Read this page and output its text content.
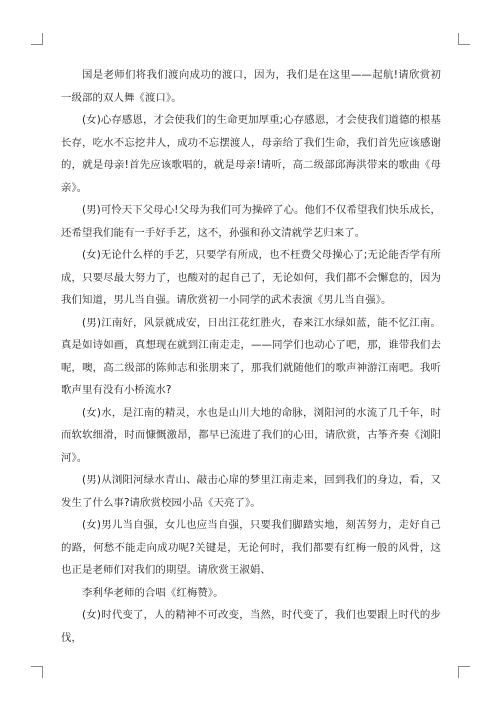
国是老师们将我们渡向成功的渡口，因为，我们是在这里——起航!请欣赏初一级部的双人舞《渡口》。

(女)心存感恩，才会使我们的生命更加厚重;心存感恩，才会使我们道德的根基长存，吃水不忘挖井人，成功不忘摆渡人，母亲给了我们生命，我们首先应该感谢的，就是母亲!首先应该歌唱的，就是母亲!请听，高二级部邱海洪带来的歌曲《母亲》。

(男)可怜天下父母心!父母为我们可为操碎了心。他们不仅希望我们快乐成长，还希望我们能有一手好手艺，这不，孙强和孙文清就学艺归来了。

(女)无论什么样的手艺，只要学有所成，也不枉费父母操心了;无论能否学有所成，只要尽最大努力了，也酸对的起自己了，无论如何，我们都不会懈怠的，因为我们知道，男儿当自强。请欣赏初一小同学的武术表演《男儿当自强》。

(男)江南好，风景就成安，日出江花红胜火，春来江水绿如蓝，能不忆江南。真是如诗如画，真想现在就到江南走走，——同学们也动心了吧，那，谁带我们去呢，噢，高二级部的陈帅志和张朋来了，那我们就随他们的歌声神游江南吧。我听歌声里有没有小桥流水?

(女)水，是江南的精灵，水也是山川大地的命脉，浏阳河的水流了几千年，时而软软细滑，时而慷慨激昂，都早已流进了我们的心田，请欣赏，古筝齐奏《浏阳河》。

(男)从浏阳河绿水青山、敲击心扉的梦里江南走来，回到我们的身边，看，又发生了什么事?请欣赏校园小品《天亮了》。

(女)男儿当自强，女儿也应当自强，只要我们脚踏实地，刻苦努力，走好自己的路，何愁不能走向成功呢?关键是，无论何时，我们都要有红梅一般的风骨，这也正是老师们对我们的期望。请欣赏王淑娟、

李利华老师的合唱《红梅赞》。

(女)时代变了，人的精神不可改变，当然，时代变了，我们也要跟上时代的步伐，
